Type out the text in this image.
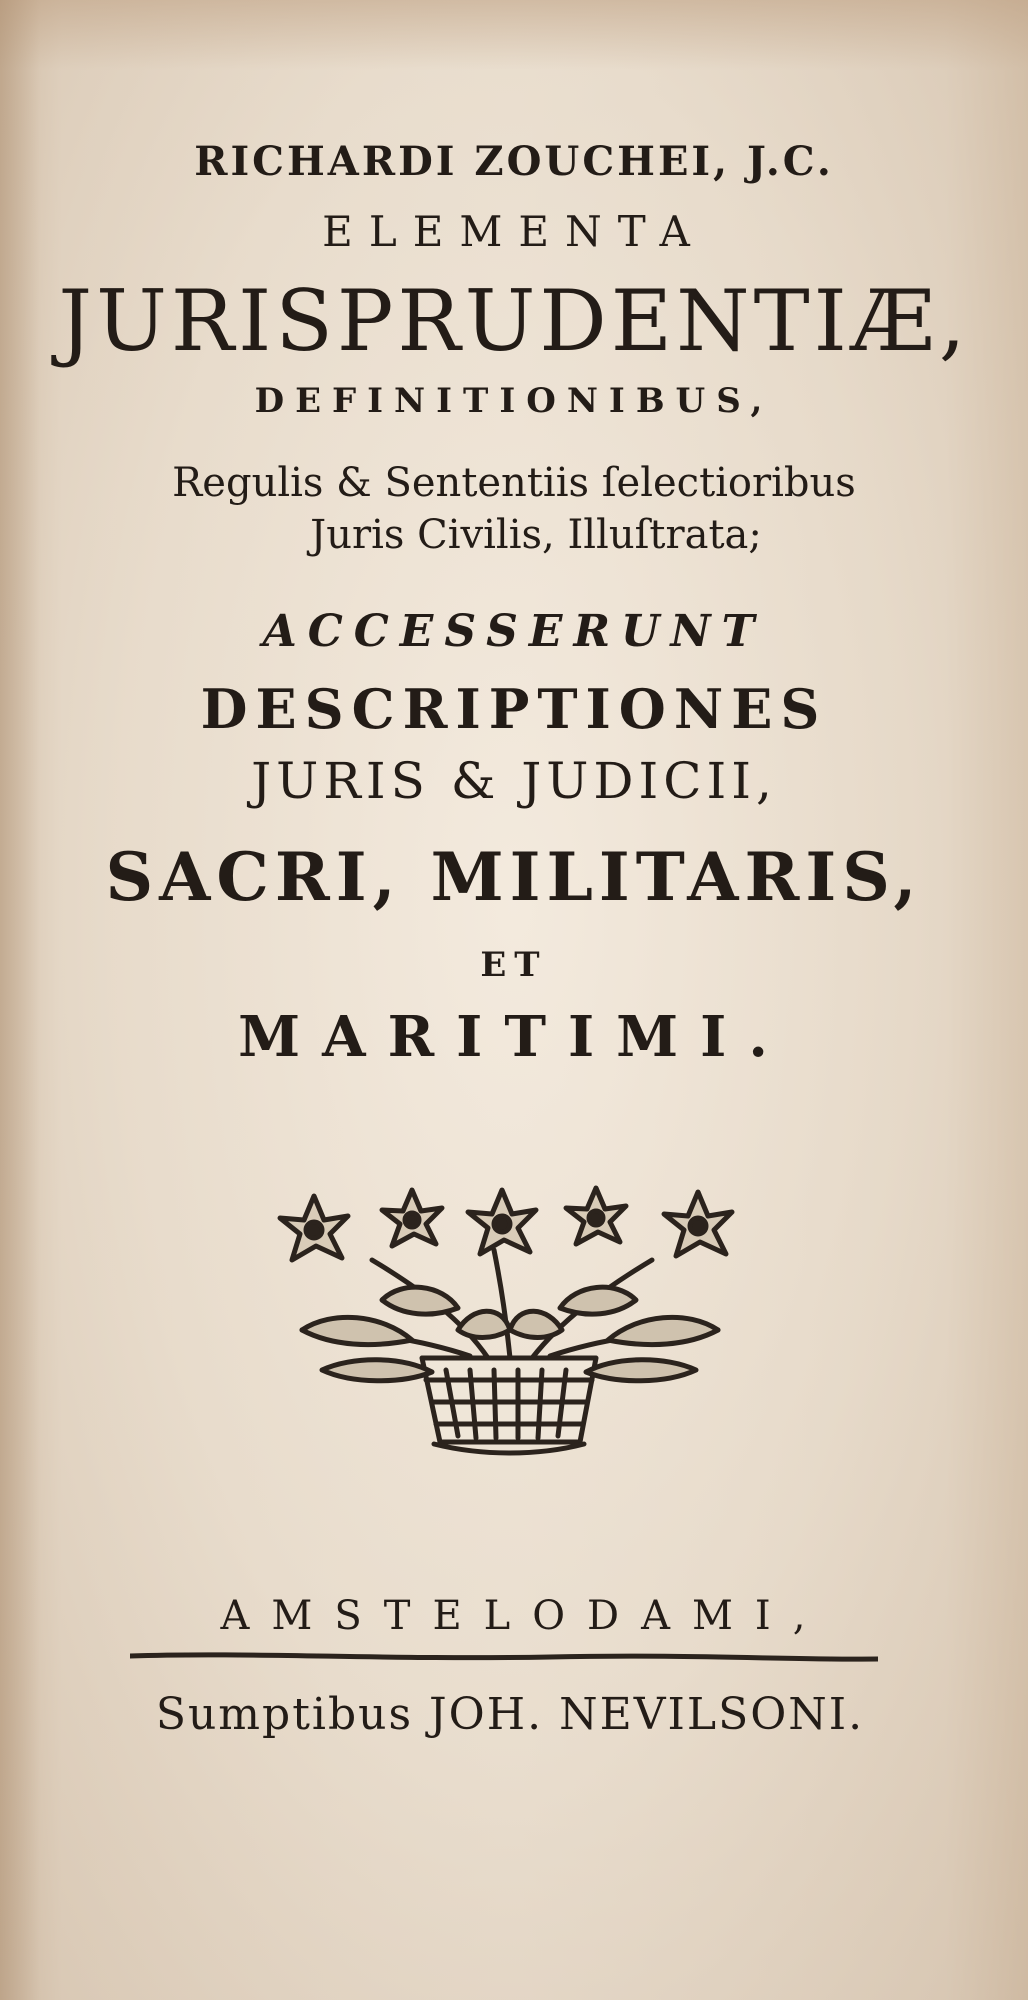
RICHARDI ZOUCHEI, J.C.
ELEMENTA
JURISPRUDENTIÆ,
DEFINITIONIBUS,
Regulis & Sententiis ſelectioribus
Juris Civilis, Illuſtrata;
ACCESSERUNT
DESCRIPTIONES
JURIS & JUDICII,
SACRI, MILITARIS,
ET
MARITIMI.
AMSTELODAMI,
Sumptibus JOH. NEVILSONI.
